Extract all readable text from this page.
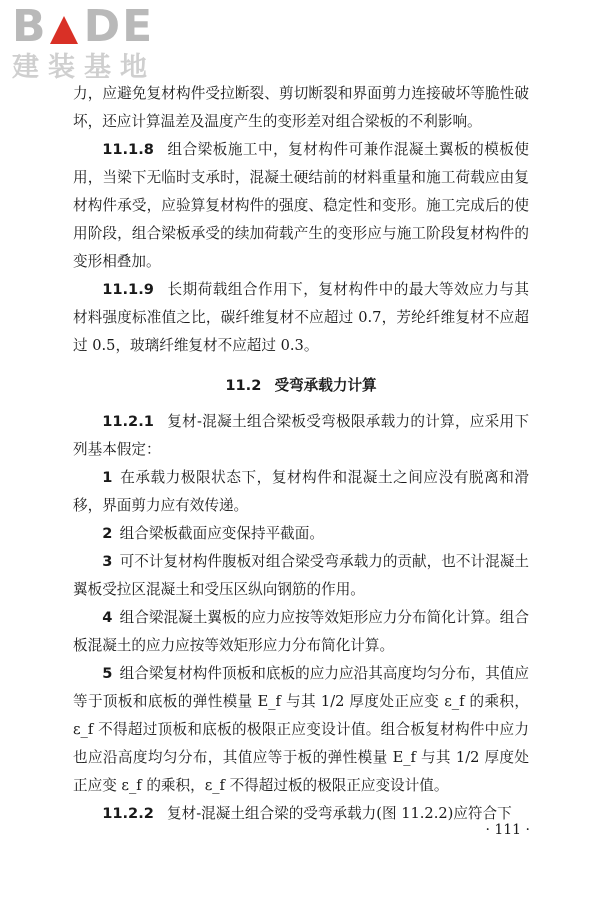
B DE
建装基地

力，应避免复材构件受拉断裂、剪切断裂和界面剪力连接破坏等脆性破坏，还应计算温差及温度产生的变形差对组合梁板的不利影响。

11.1.8 组合梁板施工中，复材构件可兼作混凝土翼板的模板使用，当梁下无临时支承时，混凝土硬结前的材料重量和施工荷载应由复材构件承受，应验算复材构件的强度、稳定性和变形。施工完成后的使用阶段，组合梁板承受的续加荷载产生的变形应与施工阶段复材构件的变形相叠加。

11.1.9 长期荷载组合作用下，复材构件中的最大等效应力与其材料强度标准值之比，碳纤维复材不应超过 0.7，芳纶纤维复材不应超过 0.5，玻璃纤维复材不应超过 0.3。

11.2 受弯承载力计算

11.2.1 复材-混凝土组合梁板受弯极限承载力的计算，应采用下列基本假定：

1 在承载力极限状态下，复材构件和混凝土之间应没有脱离和滑移，界面剪力应有效传递。

2 组合梁板截面应变保持平截面。

3 可不计复材构件腹板对组合梁受弯承载力的贡献，也不计混凝土翼板受拉区混凝土和受压区纵向钢筋的作用。

4 组合梁混凝土翼板的应力应按等效矩形应力分布简化计算。组合板混凝土的应力应按等效矩形应力分布简化计算。

5 组合梁复材构件顶板和底板的应力应沿其高度均匀分布，其值应等于顶板和底板的弹性模量 E_f 与其 1/2 厚度处正应变 ε_f 的乘积，ε_f 不得超过顶板和底板的极限正应变设计值。组合板复材构件中应力也应沿高度均匀分布，其值应等于板的弹性模量 E_f 与其 1/2 厚度处正应变 ε_f 的乘积，ε_f 不得超过板的极限正应变设计值。

11.2.2 复材-混凝土组合梁的受弯承载力(图 11.2.2)应符合下

· 111 ·
